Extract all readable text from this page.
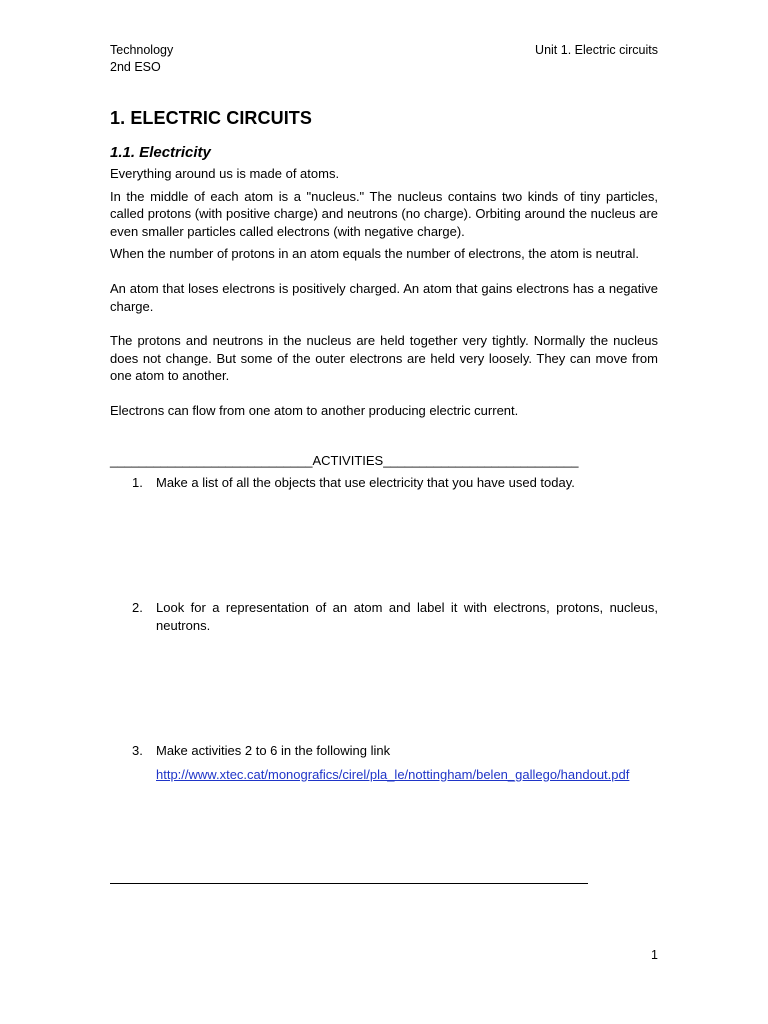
Technology
2nd ESO
Unit 1. Electric circuits
1. ELECTRIC CIRCUITS
1.1. Electricity

Everything around us is made of atoms.

In the middle of each atom is a "nucleus." The nucleus contains two kinds of tiny particles, called protons (with positive charge) and neutrons (no charge). Orbiting around the nucleus are even smaller particles called electrons (with negative charge).

When the number of protons in an atom equals the number of electrons, the atom is neutral.

An atom that loses electrons is positively charged. An atom that gains electrons has a negative charge.

The protons and neutrons in the nucleus are held together very tightly. Normally the nucleus does not change. But some of the outer electrons are held very loosely. They can move from one atom to another.

Electrons can flow from one atom to another producing electric current.

____________________________ACTIVITIES___________________________
1. Make a list of all the objects that use electricity that you have used today.
2. Look for a representation of an atom and label it with electrons, protons, nucleus, neutrons.
3. Make activities 2 to 6 in the following link
http://www.xtec.cat/monografics/cirel/pla_le/nottingham/belen_gallego/handout.pdf
1
